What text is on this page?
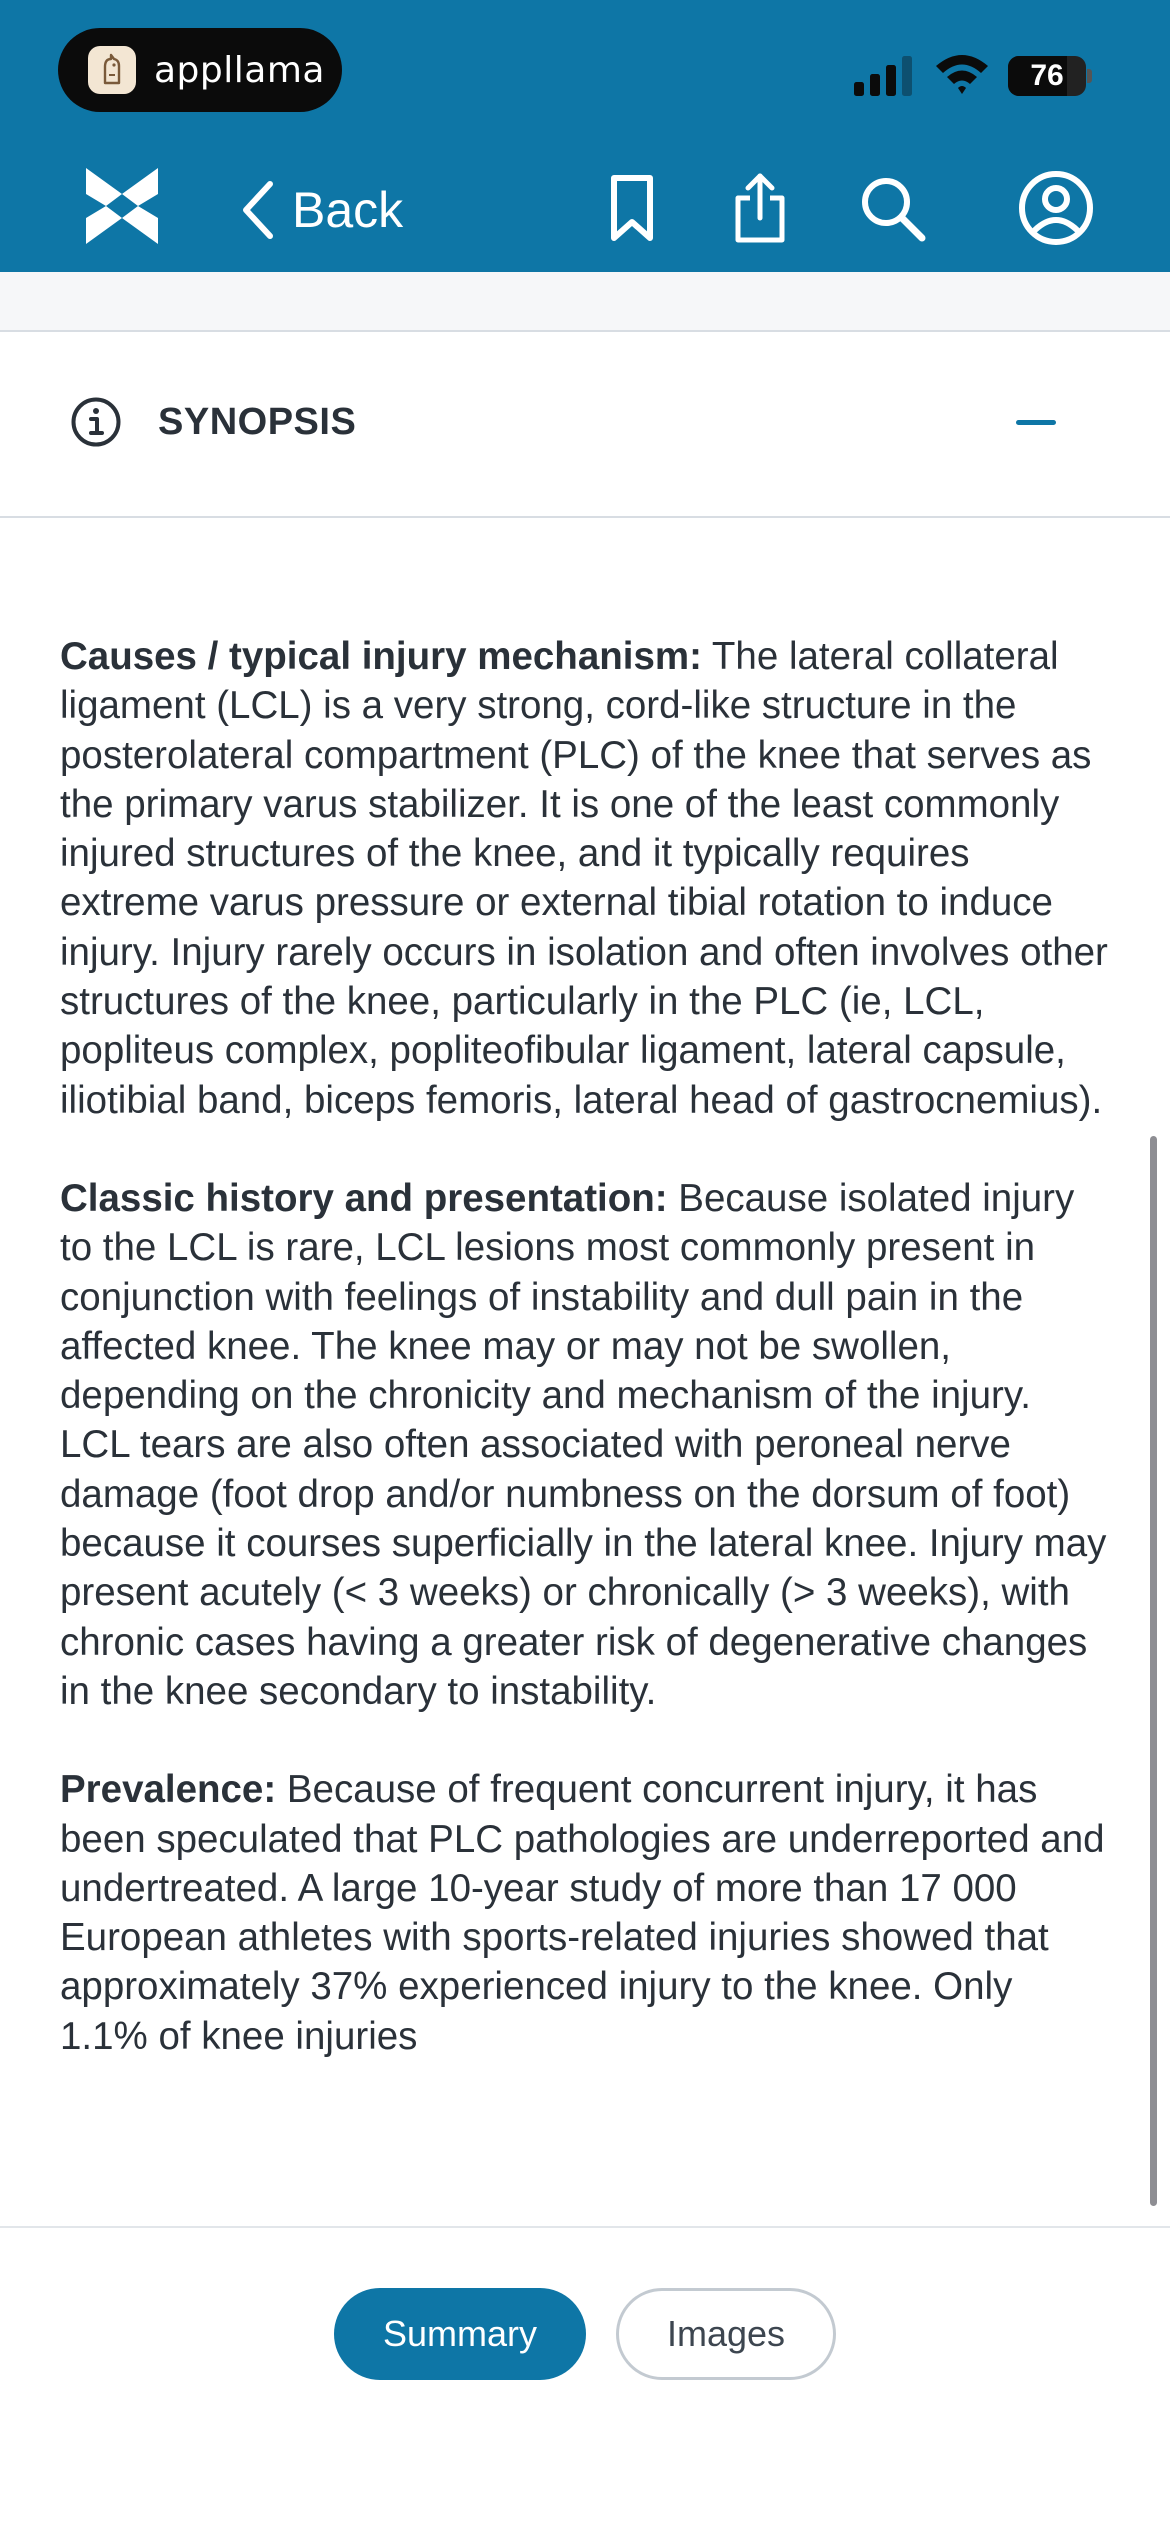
appllama	76
Back
SYNOPSIS

Causes / typical injury mechanism: The lateral collateral ligament (LCL) is a very strong, cord-like structure in the posterolateral compartment (PLC) of the knee that serves as the primary varus stabilizer. It is one of the least commonly injured structures of the knee, and it typically requires extreme varus pressure or external tibial rotation to induce injury. Injury rarely occurs in isolation and often involves other structures of the knee, particularly in the PLC (ie, LCL, popliteus complex, popliteofibular ligament, lateral capsule, iliotibial band, biceps femoris, lateral head of gastrocnemius).

Classic history and presentation: Because isolated injury to the LCL is rare, LCL lesions most commonly present in conjunction with feelings of instability and dull pain in the affected knee. The knee may or may not be swollen, depending on the chronicity and mechanism of the injury. LCL tears are also often associated with peroneal nerve damage (foot drop and/or numbness on the dorsum of foot) because it courses superficially in the lateral knee. Injury may present acutely (< 3 weeks) or chronically (> 3 weeks), with chronic cases having a greater risk of degenerative changes in the knee secondary to instability.

Prevalence: Because of frequent concurrent injury, it has been speculated that PLC pathologies are underreported and undertreated. A large 10-year study of more than 17 000 European athletes with sports-related injuries showed that approximately 37% experienced injury to the knee. Only 1.1% of knee injuries

Summary	Images
